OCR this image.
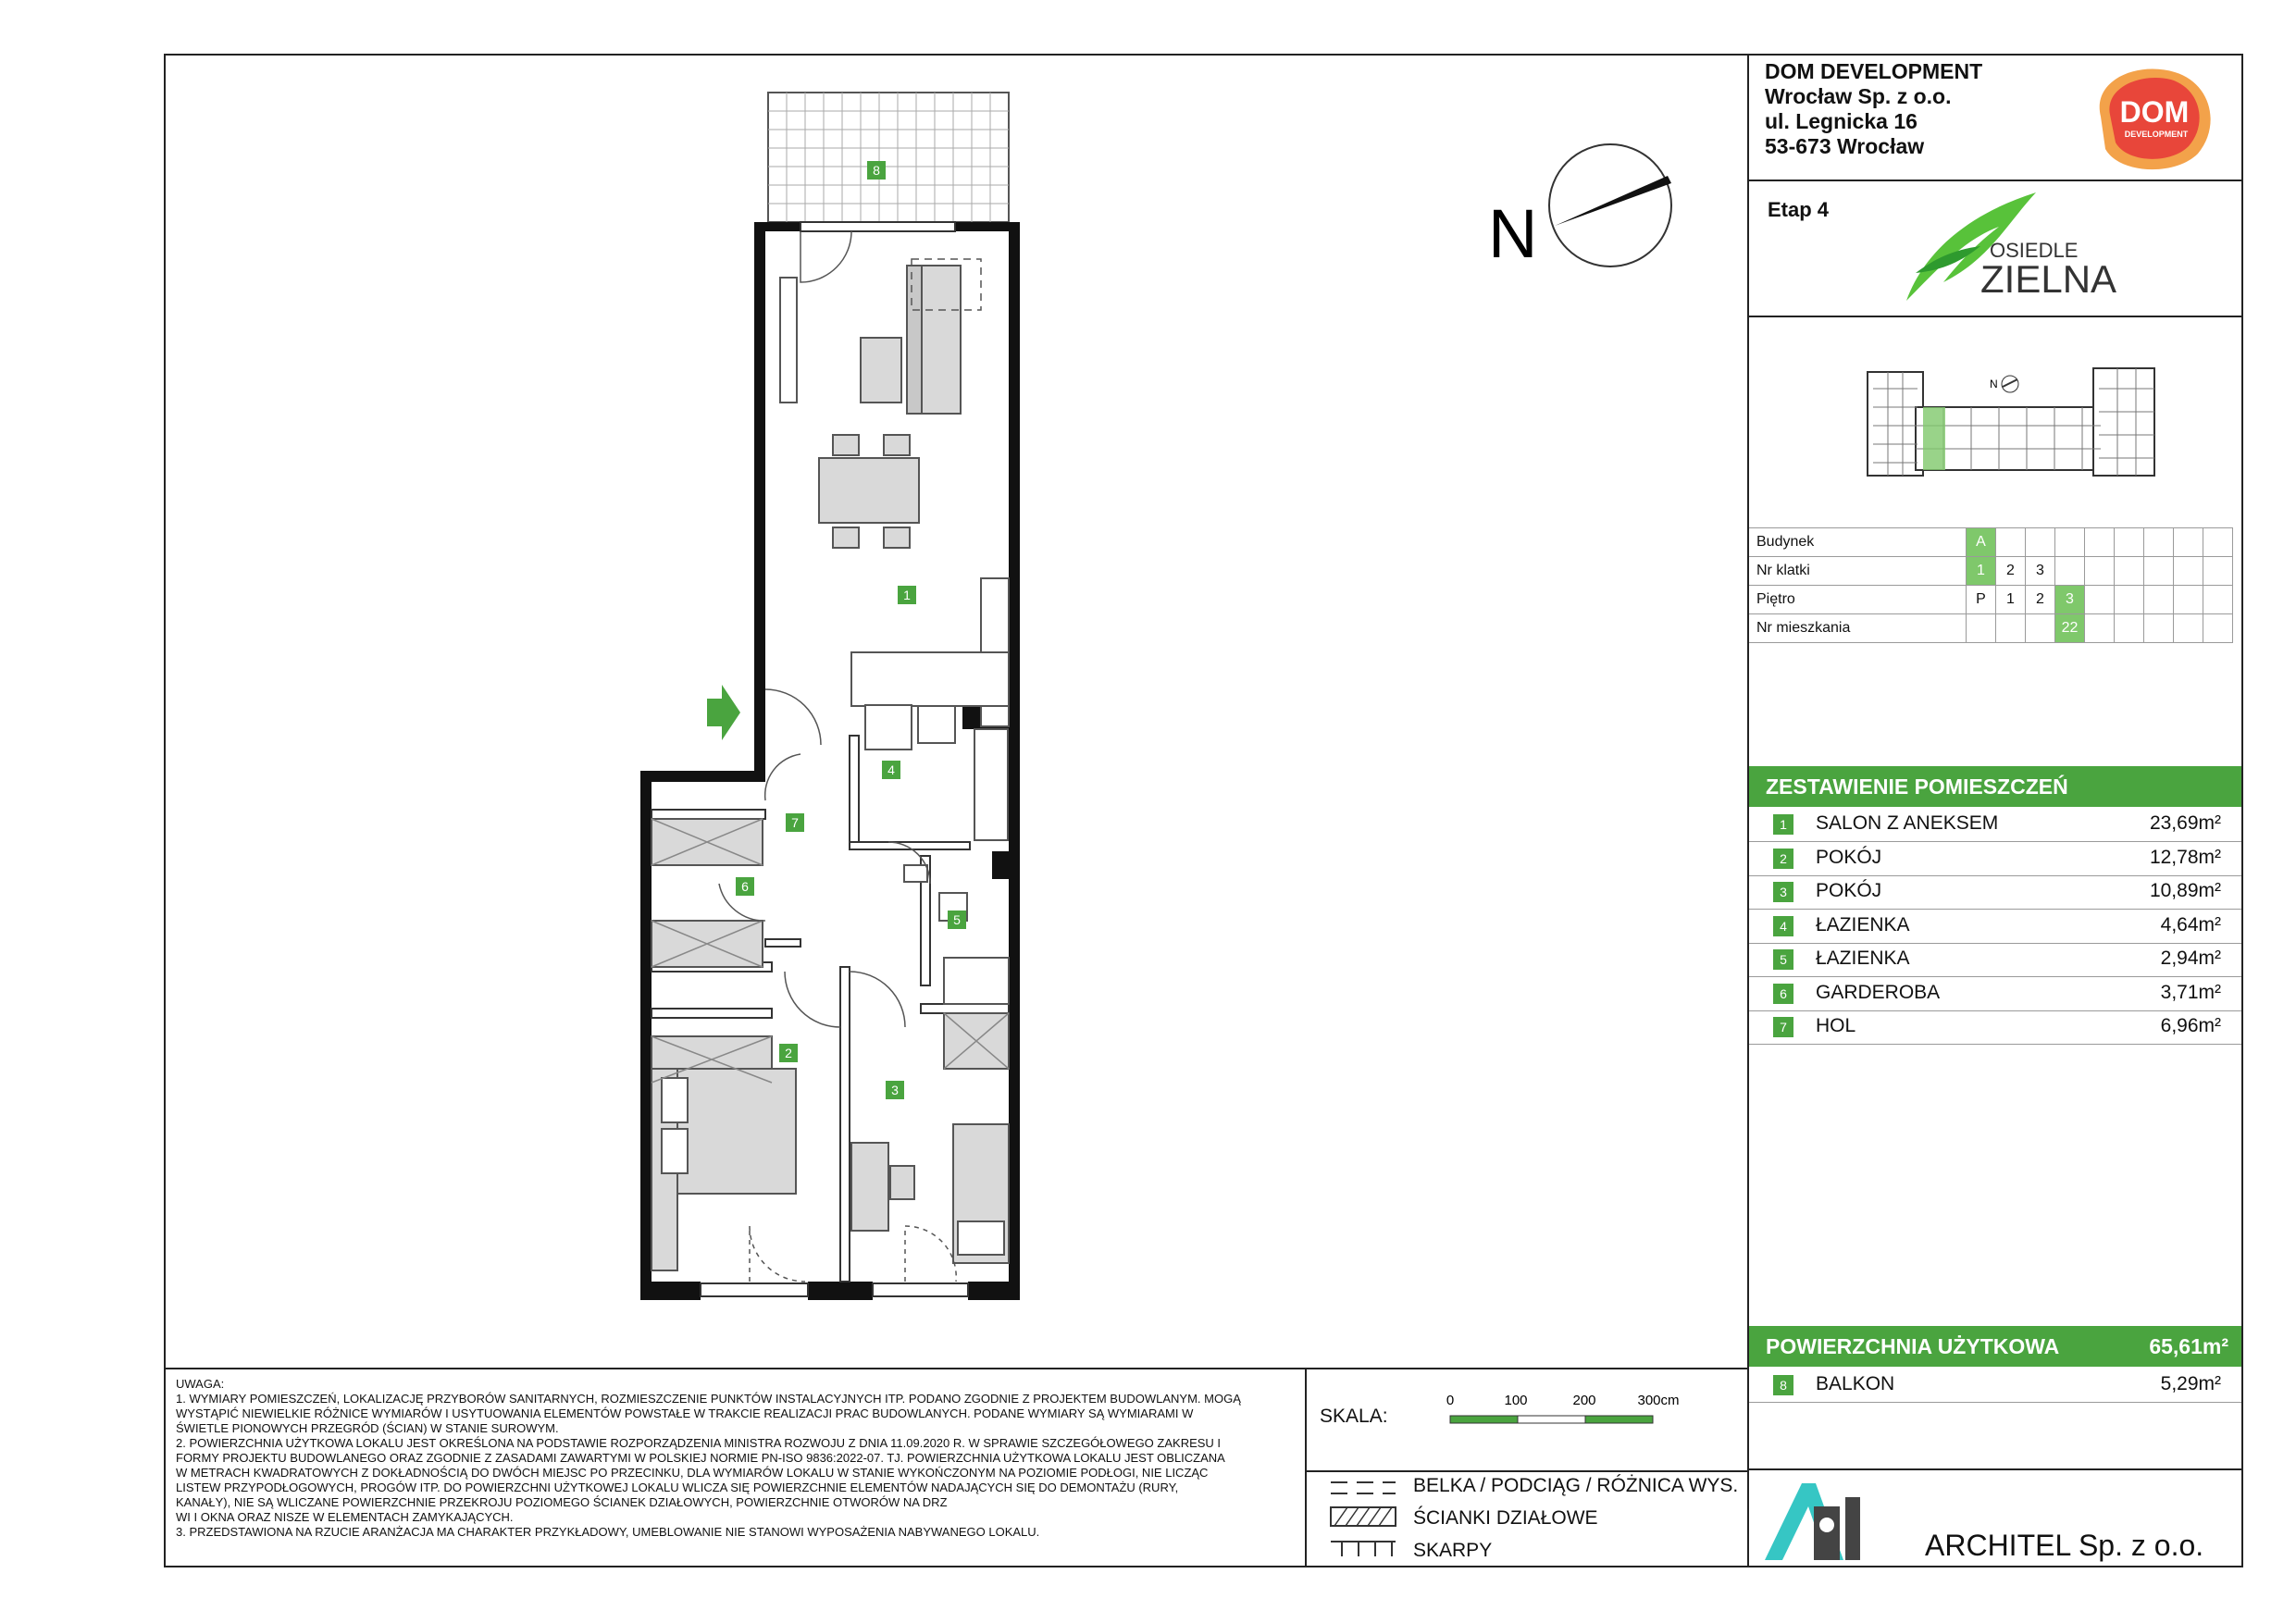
DOM DEVELOPMENT
Wrocław Sp. z o.o.
ul. Legnicka 16
53-673 Wrocław
DOM
DEVELOPMENT
Etap 4
OSIEDLE
ZIELNA
N
Budynek	A								
Nr klatki	1	2	3						
Piętro	P	1	2	3					
Nr mieszkania				22					
ZESTAWIENIE POMIESZCZEŃ
1	SALON Z ANEKSEM	23,69m²
2	POKÓJ	12,78m²
3	POKÓJ	10,89m²
4	ŁAZIENKA	4,64m²
5	ŁAZIENKA	2,94m²
6	GARDEROBA	3,71m²
7	HOL	6,96m²
POWIERZCHNIA UŻYTKOWA	65,61m²
8	BALKON	5,29m²
ARCHITEL Sp. z o.o.

UWAGA:

1. WYMIARY POMIESZCZEŃ, LOKALIZACJĘ PRZYBORÓW SANITARNYCH, ROZMIESZCZENIE PUNKTÓW INSTALACYJNYCH ITP. PODANO ZGODNIE Z PROJEKTEM BUDOWLANYM. MOGĄ

WYSTĄPIĆ NIEWIELKIE RÓŻNICE WYMIARÓW I USYTUOWANIA ELEMENTÓW POWSTAŁE W TRAKCIE REALIZACJI PRAC BUDOWLANYCH. PODANE WYMIARY SĄ WYMIARAMI W

ŚWIETLE PIONOWYCH PRZEGRÓD (ŚCIAN) W STANIE SUROWYM.

2. POWIERZCHNIA UŻYTKOWA LOKALU JEST OKREŚLONA NA PODSTAWIE ROZPORZĄDZENIA MINISTRA ROZWOJU Z DNIA 11.09.2020 R. W SPRAWIE SZCZEGÓŁOWEGO ZAKRESU I

FORMY PROJEKTU BUDOWLANEGO ORAZ ZGODNIE Z ZASADAMI ZAWARTYMI W POLSKIEJ NORMIE PN-ISO 9836:2022-07. TJ. POWIERZCHNIA UŻYTKOWA LOKALU JEST OBLICZANA

W METRACH KWADRATOWYCH Z DOKŁADNOŚCIĄ DO DWÓCH MIEJSC PO PRZECINKU, DLA WYMIARÓW LOKALU W STANIE WYKOŃCZONYM NA POZIOMIE PODŁOGI, NIE LICZĄC

LISTEW PRZYPODŁOGOWYCH, PROGÓW ITP. DO POWIERZCHNI UŻYTKOWEJ LOKALU WLICZA SIĘ POWIERZCHNIE ELEMENTÓW NADAJĄCYCH SIĘ DO DEMONTAŻU (RURY,

KANAŁY), NIE SĄ WLICZANE POWIERZCHNIE PRZEKROJU POZIOMEGO ŚCIANEK DZIAŁOWYCH, POWIERZCHNIE OTWORÓW NA DRZ

WI I OKNA ORAZ NISZE W ELEMENTACH ZAMYKAJĄCYCH.

3. PRZEDSTAWIONA NA RZUCIE ARANŻACJA MA CHARAKTER PRZYKŁADOWY, UMEBLOWANIE NIE STANOWI WYPOSAŻENIA NABYWANEGO LOKALU.

SKALA:
0	100	200	300cm
BELKA / PODCIĄG / RÓŻNICA WYS.
ŚCIANKI DZIAŁOWE
SKARPY
N
1
2
3
4
5
6
7
8
